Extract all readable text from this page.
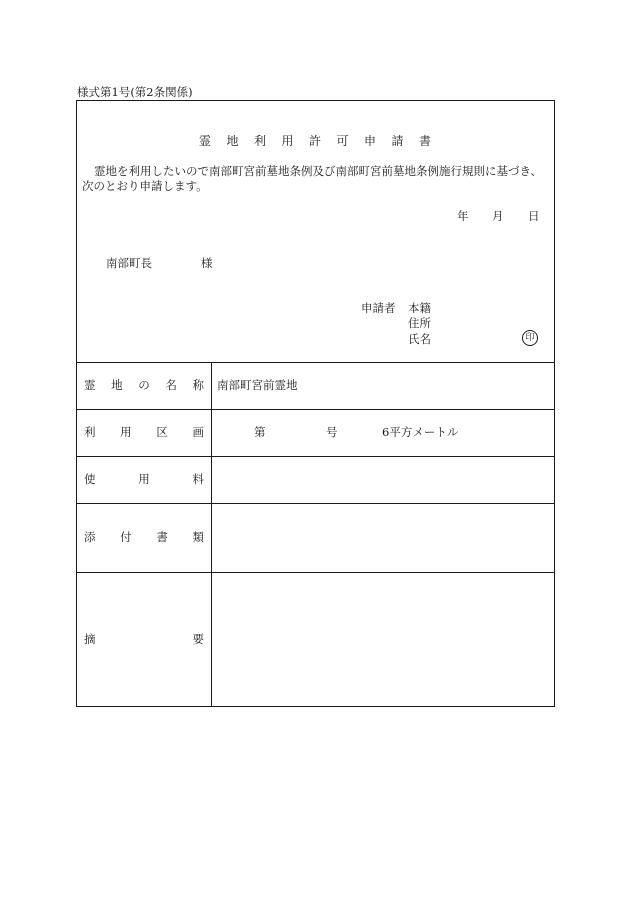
様式第1号(第2条関係)
霊 地 利 用 許 可 申 請 書
霊地を利用したいので南部町宮前墓地条例及び南部町宮前墓地条例施行規則に基づき、
次のとおり申請します。
年 月 日
南部町長	様
申請者 本籍
住所
氏名	印
霊 地 の 名 称 南部町宮前霊地
利 用 区 画	第	号	6平方メートル
使	用	料
添 付 書 類
摘	要
